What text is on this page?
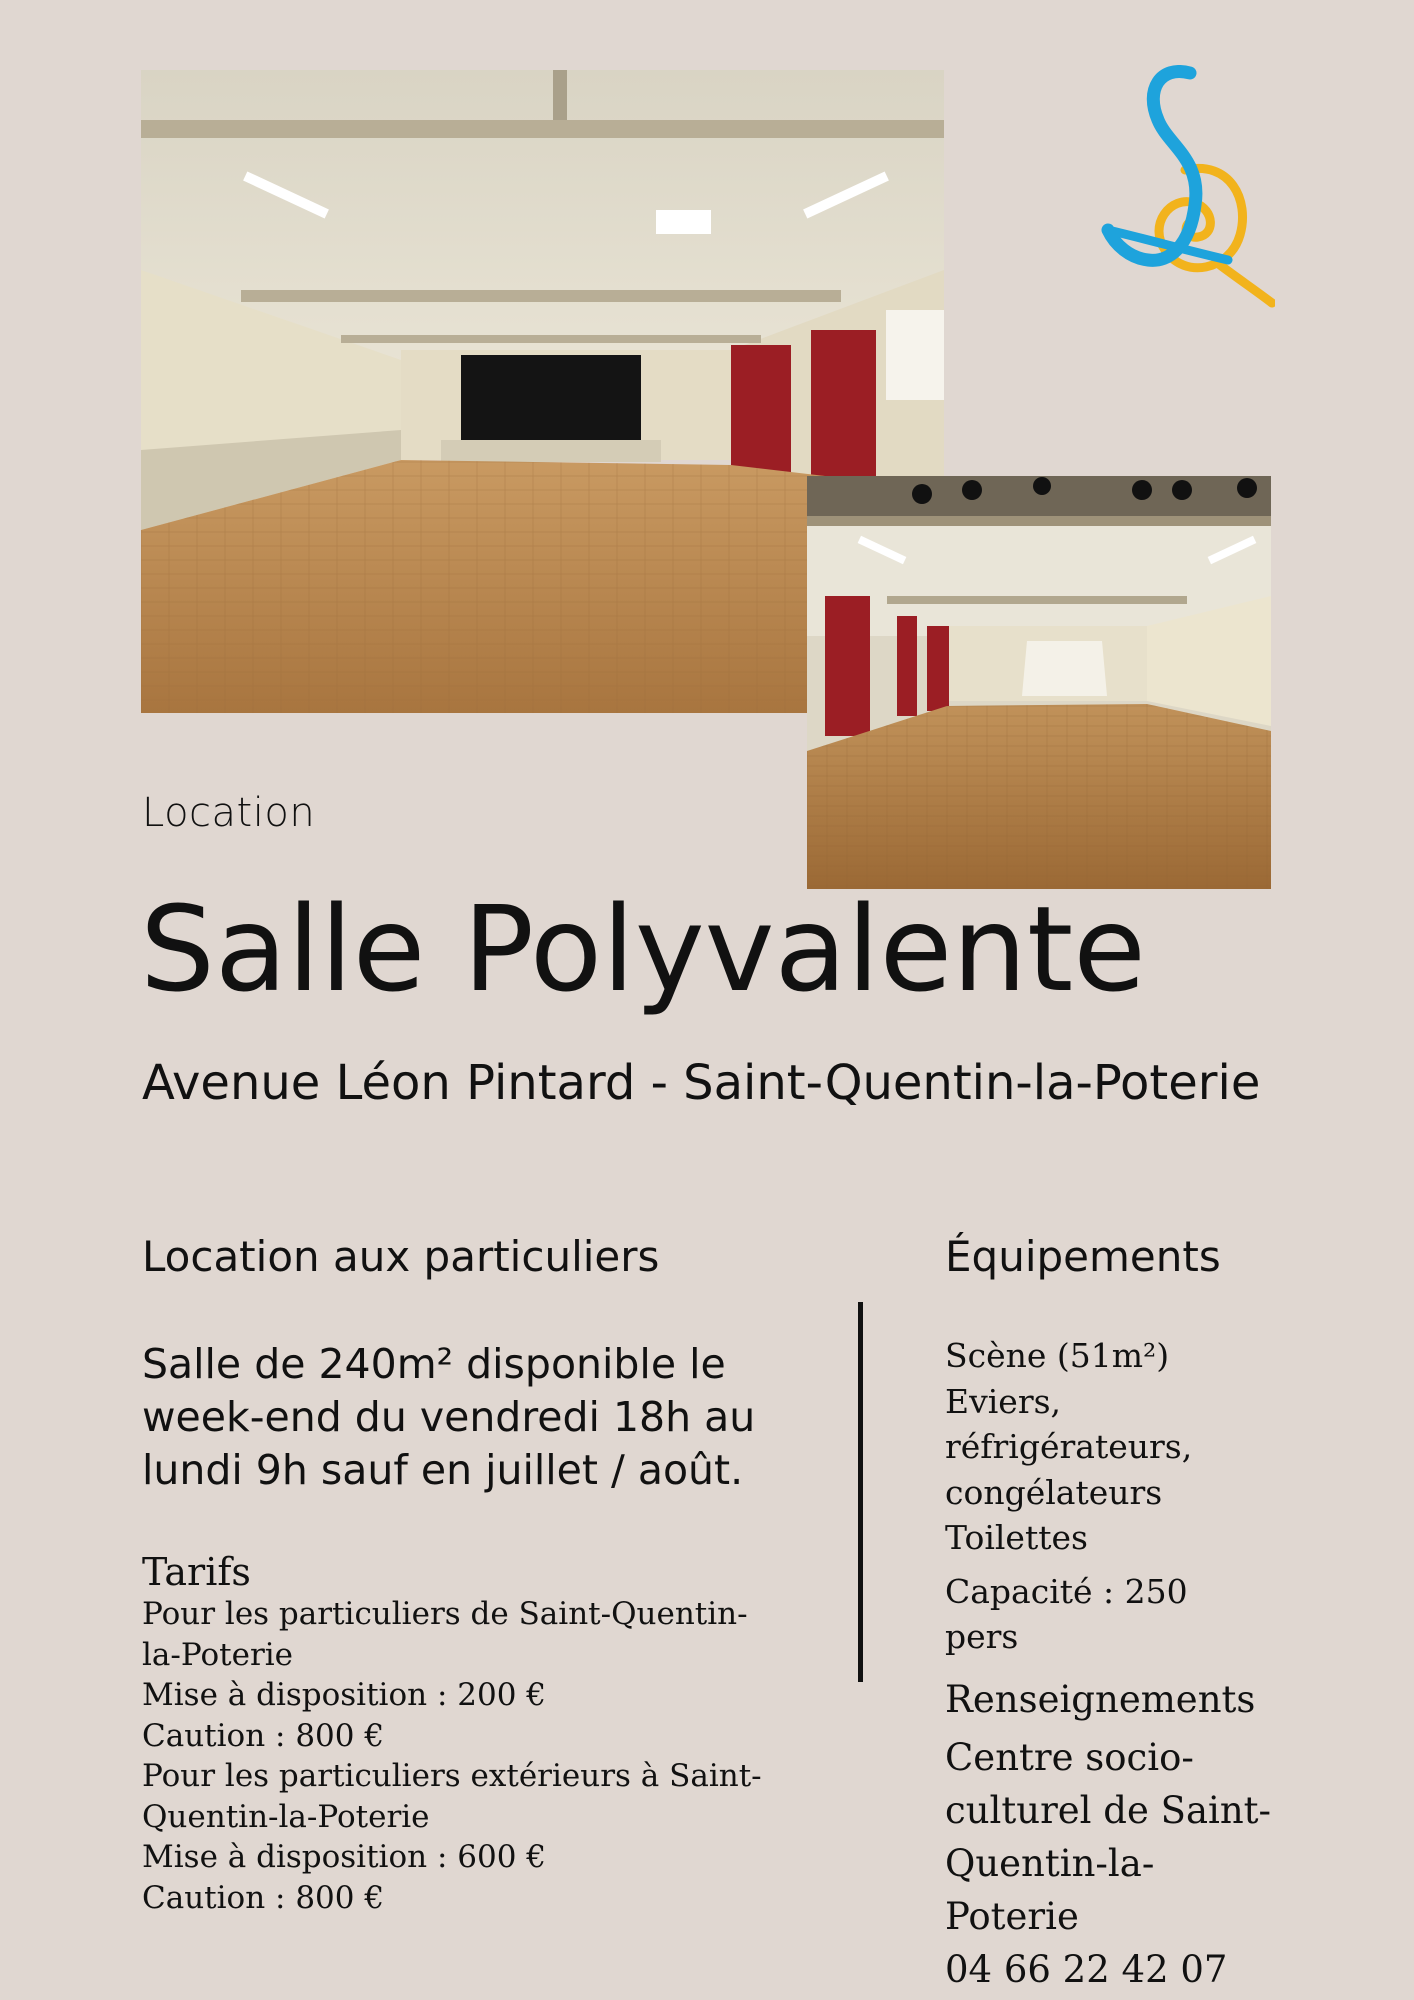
Location
Salle Polyvalente
Avenue Léon Pintard - Saint-Quentin-la-Poterie
Location aux particuliers
Salle de 240m² disponible le week-end du vendredi 18h au lundi 9h sauf en juillet / août.
Tarifs
Pour les particuliers de Saint-Quentin-la-Poterie
Mise à disposition : 200 €
Caution : 800 €
Pour les particuliers extérieurs à Saint-Quentin-la-Poterie
Mise à disposition : 600 €
Caution : 800 €
Équipements
Scène (51m²)
Eviers, réfrigérateurs, congélateurs
Toilettes
Capacité : 250 pers
Renseignements
Centre socio-culturel de Saint-Quentin-la-Poterie
04 66 22 42 07
